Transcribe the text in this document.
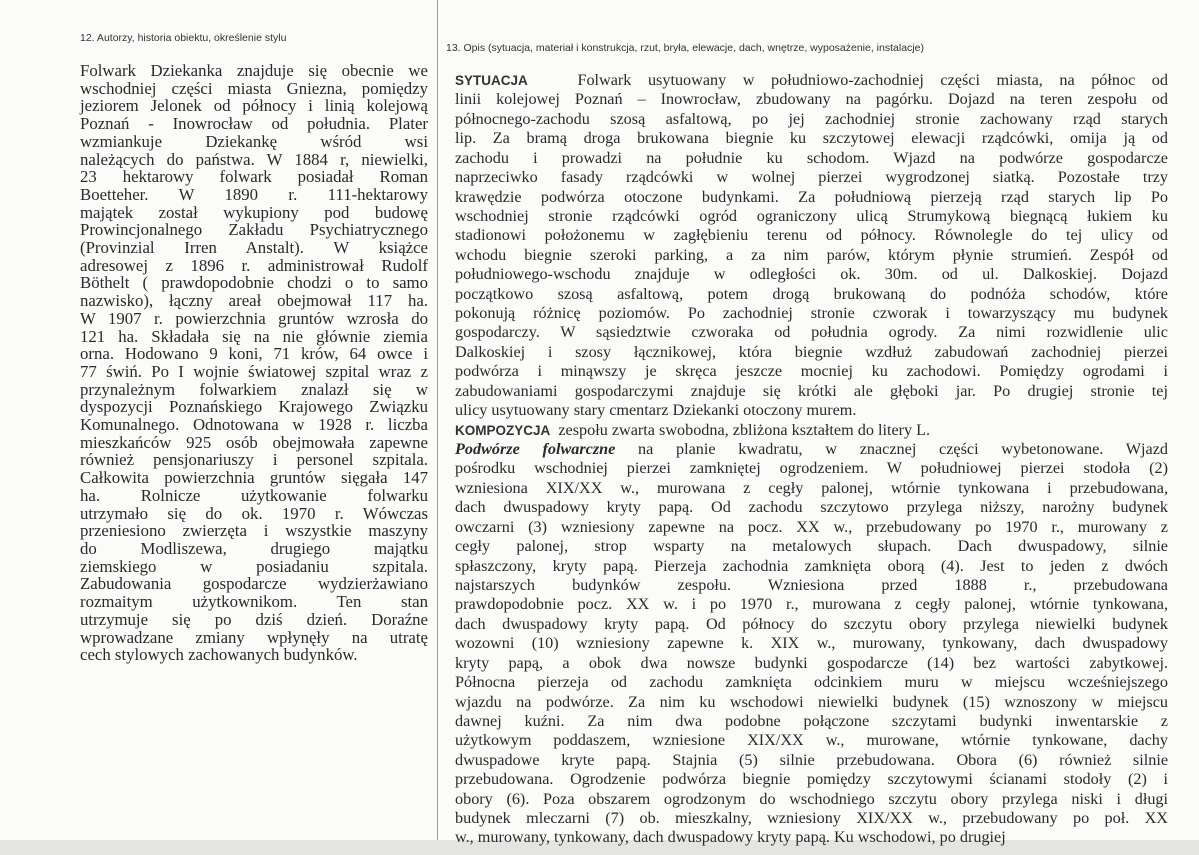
12. Autorzy, historia obiektu, określenie stylu
13. Opis (sytuacja, materiał i konstrukcja, rzut, bryła, elewacje, dach, wnętrze, wyposażenie, instalacje)
Folwark Dziekanka znajduje się obecnie we
wschodniej części miasta Gniezna, pomiędzy
jeziorem Jelonek od północy i linią kolejową
Poznań - Inowrocław od południa. Plater
wzmiankuje Dziekankę wśród wsi
należących do państwa. W 1884 r, niewielki,
23 hektarowy folwark posiadał Roman
Boetteher. W 1890 r. 111-hektarowy
majątek został wykupiony pod budowę
Prowincjonalnego Zakładu Psychiatrycznego
(Provinzial Irren Anstalt). W książce
adresowej z 1896 r. administrował Rudolf
Böthelt ( prawdopodobnie chodzi o to samo
nazwisko), łączny areał obejmował 117 ha.
W 1907 r. powierzchnia gruntów wzrosła do
121 ha. Składała się na nie głównie ziemia
orna. Hodowano 9 koni, 71 krów, 64 owce i
77 świń. Po I wojnie światowej szpital wraz z
przynależnym folwarkiem znalazł się w
dyspozycji Poznańskiego Krajowego Związku
Komunalnego. Odnotowana w 1928 r. liczba
mieszkańców 925 osób obejmowała zapewne
również pensjonariuszy i personel szpitala.
Całkowita powierzchnia gruntów sięgała 147
ha. Rolnicze użytkowanie folwarku
utrzymało się do ok. 1970 r. Wówczas
przeniesiono zwierzęta i wszystkie maszyny
do Modliszewa, drugiego majątku
ziemskiego w posiadaniu szpitala.
Zabudowania gospodarcze wydzierżawiano
rozmaitym użytkownikom. Ten stan
utrzymuje się po dziś dzień. Doraźne
wprowadzane zmiany wpłynęły na utratę
cech stylowych zachowanych budynków.
SYTUACJA	Folwark usytuowany w południowo-zachodniej części miasta, na północ od
linii kolejowej Poznań – Inowrocław, zbudowany na pagórku. Dojazd na teren zespołu od
północnego-zachodu szosą asfaltową, po jej zachodniej stronie zachowany rząd starych
lip. Za bramą droga brukowana biegnie ku szczytowej elewacji rządcówki, omija ją od
zachodu i prowadzi na południe ku schodom. Wjazd na podwórze gospodarcze
naprzeciwko fasady rządcówki w wolnej pierzei wygrodzonej siatką. Pozostałe trzy
krawędzie podwórza otoczone budynkami. Za południową pierzeją rząd starych lip Po
wschodniej stronie rządcówki ogród ograniczony ulicą Strumykową biegnącą łukiem ku
stadionowi położonemu w zagłębieniu terenu od północy. Równolegle do tej ulicy od
wchodu biegnie szeroki parking, a za nim parów, którym płynie strumień. Zespół od
południowego-wschodu znajduje w odległości ok. 30m. od ul. Dalkoskiej. Dojazd
początkowo szosą asfaltową, potem drogą brukowaną do podnóża schodów, które
pokonują różnicę poziomów. Po zachodniej stronie czworak i towarzyszący mu budynek
gospodarczy. W sąsiedztwie czworaka od południa ogrody. Za nimi rozwidlenie ulic
Dalkoskiej i szosy łącznikowej, która biegnie wzdłuż zabudowań zachodniej pierzei
podwórza i minąwszy je skręca jeszcze mocniej ku zachodowi. Pomiędzy ogrodami i
zabudowaniami gospodarczymi znajduje się krótki ale głęboki jar. Po drugiej stronie tej
ulicy usytuowany stary cmentarz Dziekanki otoczony murem.
KOMPOZYCJA zespołu zwarta swobodna, zbliżona kształtem do litery L.
Podwórze folwarczne na planie kwadratu, w znacznej części wybetonowane. Wjazd
pośrodku wschodniej pierzei zamkniętej ogrodzeniem. W południowej pierzei stodoła (2)
wzniesiona XIX/XX w., murowana z cegły palonej, wtórnie tynkowana i przebudowana,
dach dwuspadowy kryty papą. Od zachodu szczytowo przylega niższy, narożny budynek
owczarni (3) wzniesiony zapewne na pocz. XX w., przebudowany po 1970 r., murowany z
cegły palonej, strop wsparty na metalowych słupach. Dach dwuspadowy, silnie
spłaszczony, kryty papą. Pierzeja zachodnia zamknięta oborą (4). Jest to jeden z dwóch
najstarszych budynków zespołu. Wzniesiona przed 1888 r., przebudowana
prawdopodobnie pocz. XX w. i po 1970 r., murowana z cegły palonej, wtórnie tynkowana,
dach dwuspadowy kryty papą. Od północy do szczytu obory przylega niewielki budynek
wozowni (10) wzniesiony zapewne k. XIX w., murowany, tynkowany, dach dwuspadowy
kryty papą, a obok dwa nowsze budynki gospodarcze (14) bez wartości zabytkowej.
Północna pierzeja od zachodu zamknięta odcinkiem muru w miejscu wcześniejszego
wjazdu na podwórze. Za nim ku wschodowi niewielki budynek (15) wznoszony w miejscu
dawnej kuźni. Za nim dwa podobne połączone szczytami budynki inwentarskie z
użytkowym poddaszem, wzniesione XIX/XX w., murowane, wtórnie tynkowane, dachy
dwuspadowe kryte papą. Stajnia (5) silnie przebudowana. Obora (6) również silnie
przebudowana. Ogrodzenie podwórza biegnie pomiędzy szczytowymi ścianami stodoły (2) i
obory (6). Poza obszarem ogrodzonym do wschodniego szczytu obory przylega niski i długi
budynek mleczarni (7) ob. mieszkalny, wzniesiony XIX/XX w., przebudowany po poł. XX
w., murowany, tynkowany, dach dwuspadowy kryty papą. Ku wschodowi, po drugiej
